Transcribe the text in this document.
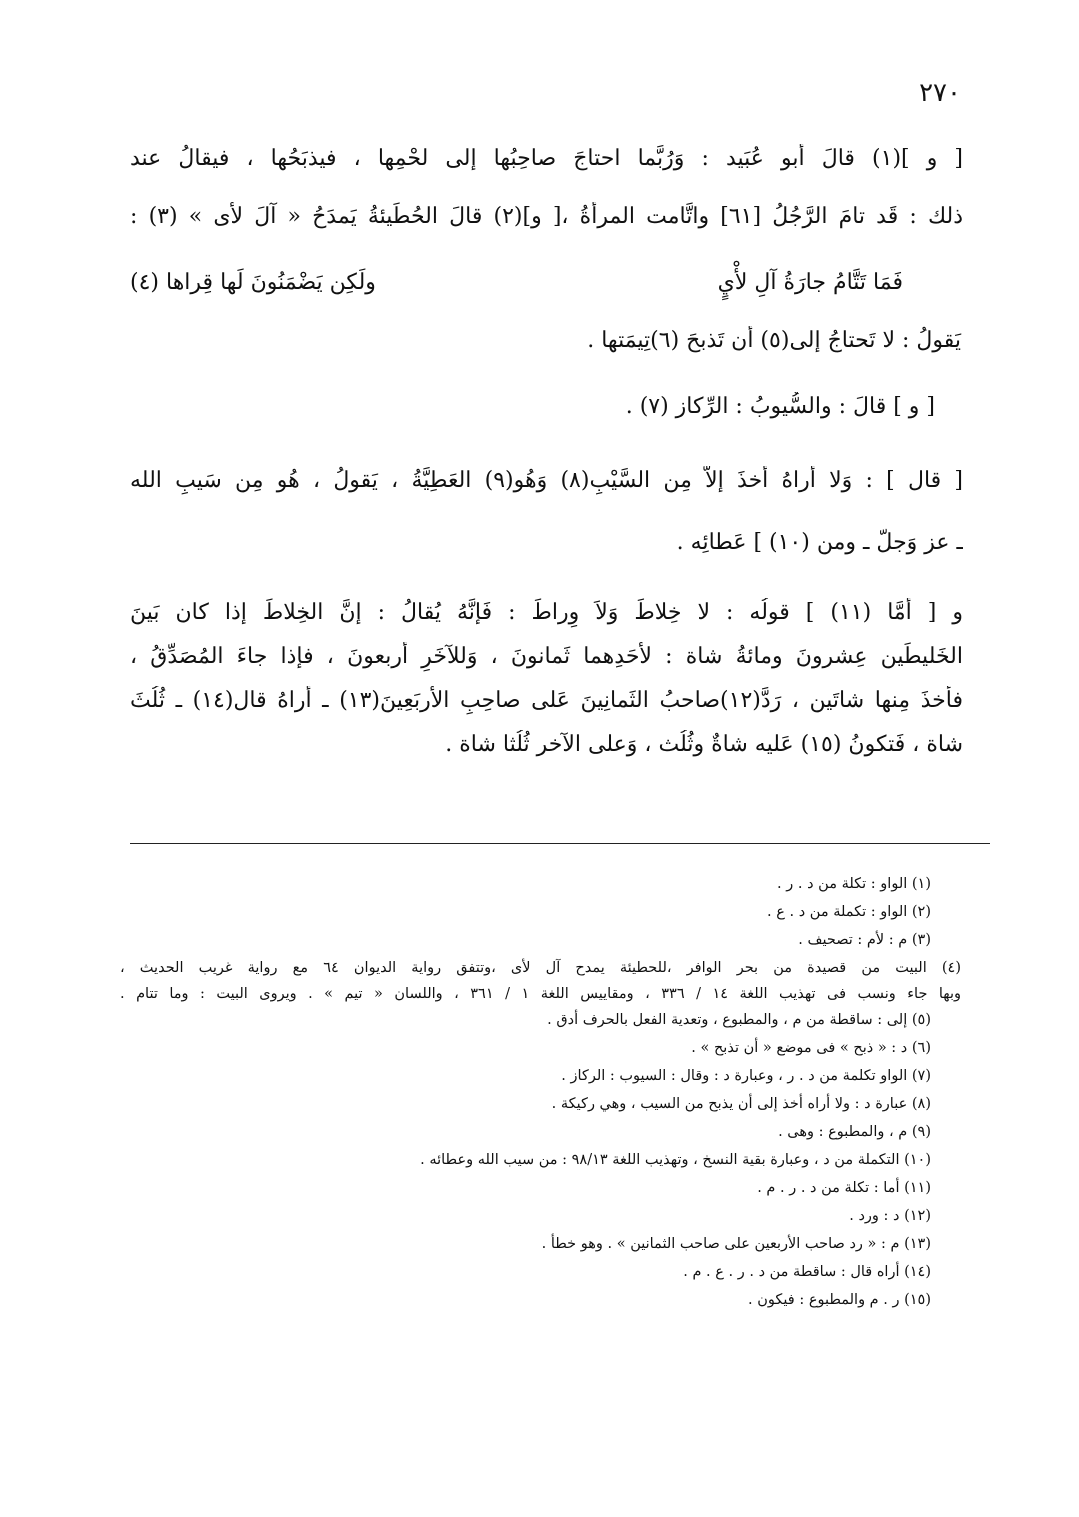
٢٧٠
[ و ](١) قالَ أبو عُبَيد : وَرُبَّما احتاجَ صاحِبُها إلى لحْمِها ، فيذبَحُها ، فيقالُ عند
ذلك : قَد تامَ الرَّجُلُ [٦١] واتَّامت المرأةُ ،[ و](٢) قالَ الحُطَيئةُ يَمدَحُ « آلَ لأْى » (٣) :
فَمَا تَتَّامُ جارَةُ آلِ لأْيٍ
ولَكِن يَضْمَنُونَ لَها قِراها (٤)
يَقولُ : لا تَحتاجُ إلى(٥) أن تَذبحَ (٦)تِيمَتها .
[ و ] قالَ : والسُّيوبُ : الرِّكاز (٧) .
[ قال ] : وَلا أراهُ أخذَ إلاَّ مِن السَّيْبِ(٨) وَهُو(٩) العَطِيَّةُ ، يَقولُ ، هُو مِن سَيبِ الله
ـ عز وَجلّ ـ ومن (١٠) ] عَطائِه .
و [ أمَّا (١١) ] قولُه : لا خِلاطَ وَلاَ وِراطَ : فَإنَّهُ يُقالُ : إنَّ الخِلاطَ إذا كان بَينَ
الخَليطَين عِشرونَ ومائةُ شاة : لأحَدِهما ثَمانونَ ، وَللآخَرِ أربعونَ ، فإذا جاءَ المُصَدِّقُ ،
فأخذَ مِنها شاتَين ، رَدَّ(١٢)صاحبُ الثَمانِينَ عَلى صاحِبِ الأربَعِينَ(١٣) ـ أراهُ قال(١٤) ـ ثُلُثَ
شاة ، فَتكونُ (١٥) عَليه شاةٌ وثُلُث ، وَعلى الآخر ثُلُثا شاة .
(١) الواو : تكلة من د . ر .
(٢) الواو : تكملة من د . ع .
(٣) م : لأم : تصحيف .
(٤) البيت من قصيدة من بحر الوافر ،للحطيئة يمدح آل لأى ،وتتفق رواية الديوان ٦٤ مع رواية غريب الحديث ،
وبها جاء ونسب فى تهذيب اللغة ١٤ / ٣٣٦ ، ومقاييس اللغة ١ / ٣٦١ ، واللسان « تيم » . ويروى البيت : وما تتام .
(٥) إلى : ساقطة من م ، والمطبوع ، وتعدية الفعل بالحرف أدق .
(٦) د : « ذبح » فى موضع « أن تذبح » .
(٧) الواو تكلمة من د . ر ، وعبارة د : وقال : السيوب : الركاز .
(٨) عبارة د : ولا أراه أخذ إلى أن يذبح من السيب ، وهي ركيكة .
(٩) م ، والمطبوع : وهى .
(١٠) التكملة من د ، وعبارة بقية النسخ ، وتهذيب اللغة ٩٨/١٣ : من سيب الله وعطائه .
(١١) أما : تكلة من د . ر . م .
(١٢) د : ورد .
(١٣) م : « رد صاحب الأربعين على صاحب الثمانين » . وهو خطأ .
(١٤) أراه قال : ساقطة من د . ر . ع . م .
(١٥) ر . م والمطبوع : فيكون .
